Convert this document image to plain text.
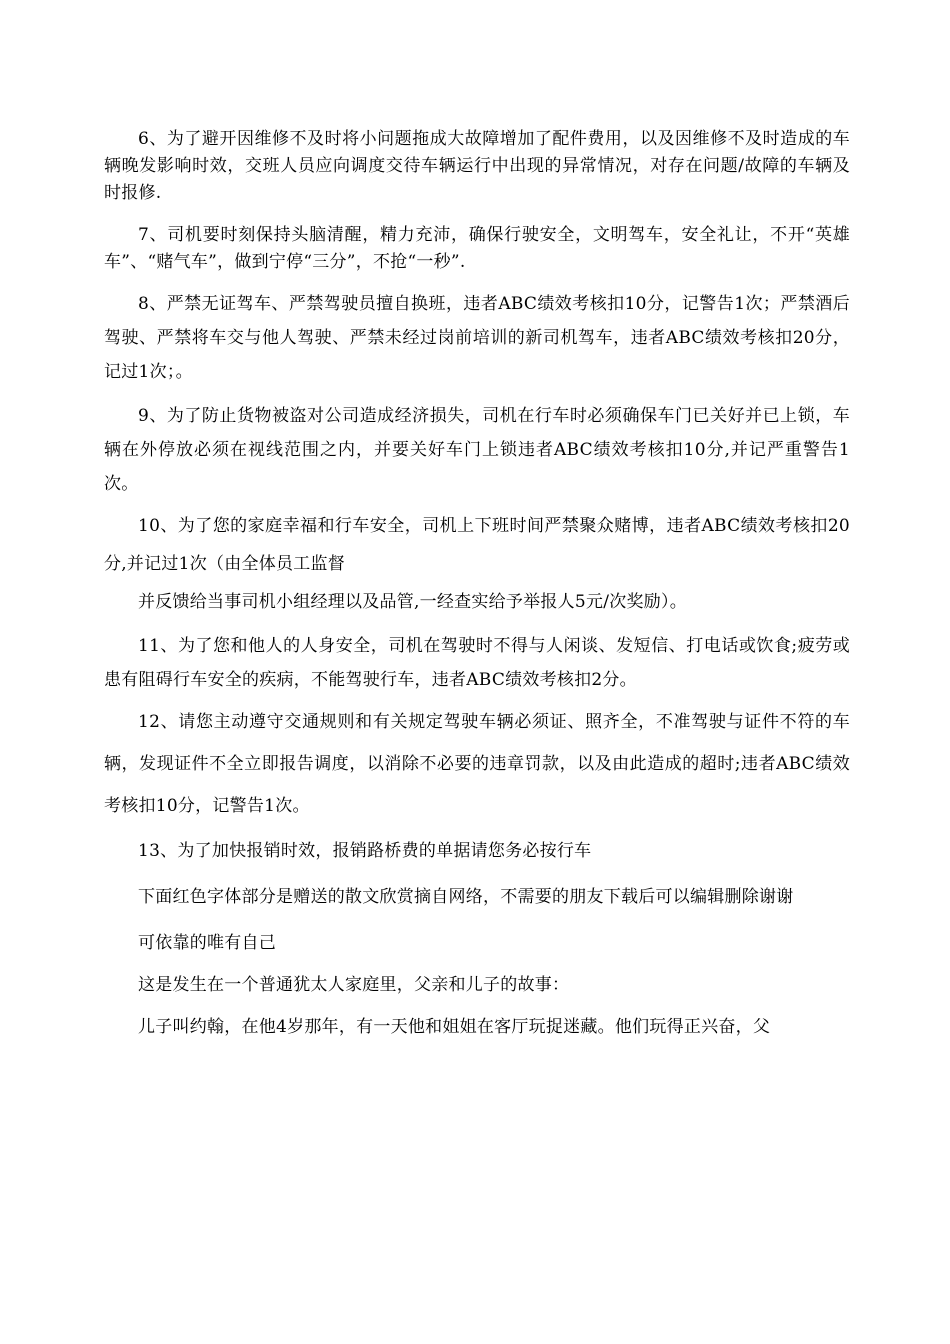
6、为了避开因维修不及时将小问题拖成大故障增加了配件费用，以及因维修不及时造成的车辆晚发影响时效，交班人员应向调度交待车辆运行中出现的异常情况，对存在问题/故障的车辆及时报修.

7、司机要时刻保持头脑清醒，精力充沛，确保行驶安全，文明驾车，安全礼让，不开“英雄车”、“赌气车”，做到宁停“三分”，不抢“一秒”.

8、严禁无证驾车、严禁驾驶员擅自换班，违者ABC绩效考核扣10分，记警告1次；严禁酒后驾驶、严禁将车交与他人驾驶、严禁未经过岗前培训的新司机驾车，违者ABC绩效考核扣20分，记过1次；。

9、为了防止货物被盗对公司造成经济损失，司机在行车时必须确保车门已关好并已上锁，车辆在外停放必须在视线范围之内，并要关好车门上锁违者ABC绩效考核扣10分,并记严重警告1次。

10、为了您的家庭幸福和行车安全，司机上下班时间严禁聚众赌博，违者ABC绩效考核扣20分,并记过1次（由全体员工监督

并反馈给当事司机小组经理以及品管,一经查实给予举报人5元/次奖励）。

11、为了您和他人的人身安全，司机在驾驶时不得与人闲谈、发短信、打电话或饮食;疲劳或患有阻碍行车安全的疾病，不能驾驶行车，违者ABC绩效考核扣2分。

12、请您主动遵守交通规则和有关规定驾驶车辆必须证、照齐全，不准驾驶与证件不符的车辆，发现证件不全立即报告调度，以消除不必要的违章罚款，以及由此造成的超时;违者ABC绩效考核扣10分，记警告1次。

13、为了加快报销时效，报销路桥费的单据请您务必按行车

下面红色字体部分是赠送的散文欣赏摘自网络，不需要的朋友下载后可以编辑删除谢谢

可依靠的唯有自己

这是发生在一个普通犹太人家庭里，父亲和儿子的故事：

儿子叫约翰，在他4岁那年，有一天他和姐姐在客厅玩捉迷藏。他们玩得正兴奋，父
